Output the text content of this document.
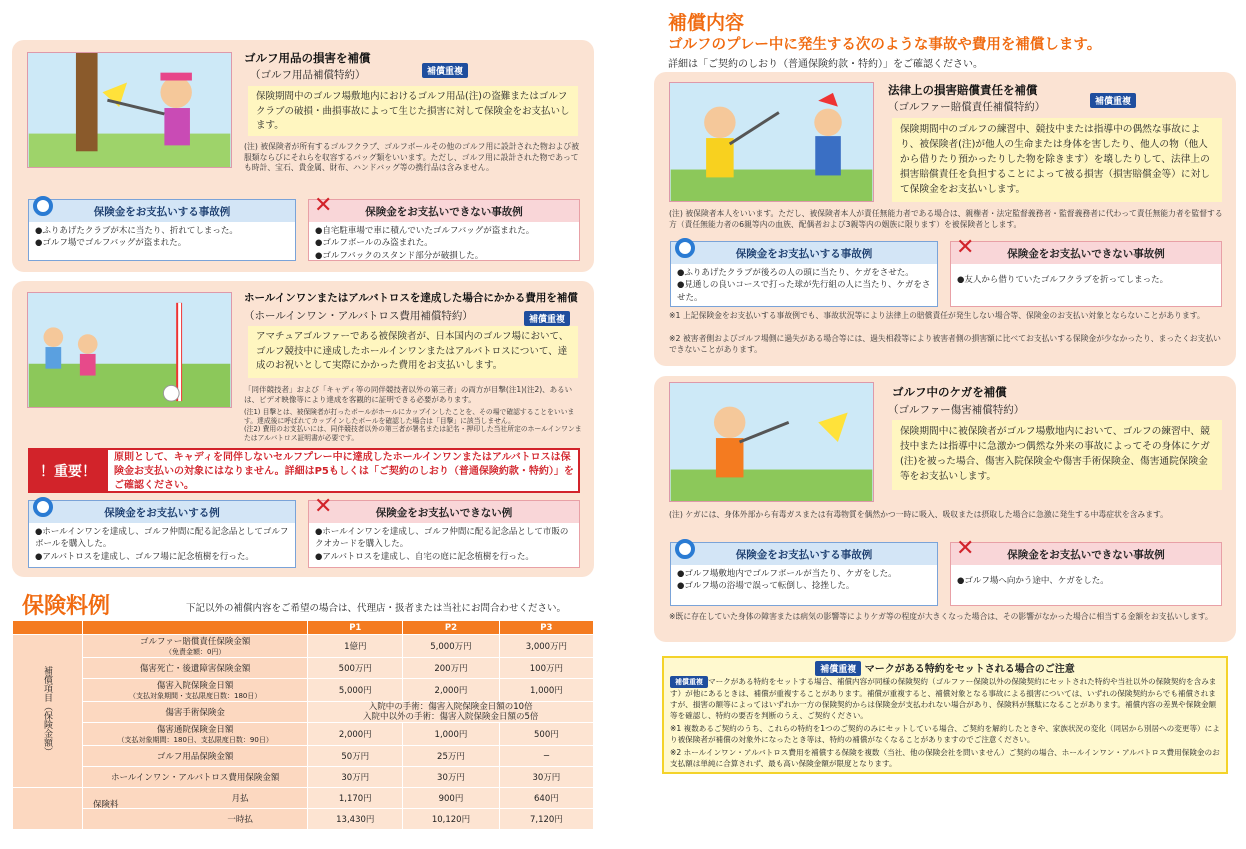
ゴルフ用品の損害を補償
（ゴルフ用品補償特約）	補償重複
保険期間中のゴルフ場敷地内におけるゴルフ用品(注)の盗難またはゴルフクラブの破損・曲損事故によって生じた損害に対して保険金をお支払いします。
(注) 被保険者が所有するゴルフクラブ、ゴルフボールその他のゴルフ用に設計された物および被服類ならびにそれらを収容するバッグ類をいいます。ただし、ゴルフ用に設計された物であっても時計、宝石、貴金属、財布、ハンドバッグ等の携行品は含みません。
保険金をお支払いする事故例
●ふりあげたクラブが木に当たり、折れてしまった。
●ゴルフ場でゴルフバッグが盗まれた。
✕	保険金をお支払いできない事故例
●自宅駐車場で車に積んでいたゴルフバッグが盗まれた。
●ゴルフボールのみ盗まれた。
●ゴルフバックのスタンド部分が破損した。
ホールインワンまたはアルバトロスを達成した場合にかかる費用を補償
（ホールインワン・アルバトロス費用補償特約）	補償重複
アマチュアゴルファーである被保険者が、日本国内のゴルフ場において、ゴルフ競技中に達成したホールインワンまたはアルバトロスについて、達成のお祝いとして実際にかかった費用をお支払いします。
「同伴競技者」および「キャディ等の同伴競技者以外の第三者」の両方が目撃(注1)(注2)、あるいは、ビデオ映像等により達成を客観的に証明できる必要があります。
(注1) 目撃とは、被保険者が打ったボールがホールにカップインしたことを、その場で確認することをいいます。達成後に呼ばれてカップインしたボールを確認した場合は「目撃」に該当しません。
(注2) 費用のお支払いには、同伴競技者以外の第三者が署名または記名・押印した当社所定のホールインワンまたはアルバトロス証明書が必要です。
！重要！
原則として、キャディを同伴しないセルフプレー中に達成したホールインワンまたはアルバトロスは保険金お支払いの対象にはなりません。詳細はP5もしくは「ご契約のしおり（普通保険約款・特約）」をご確認ください。
保険金をお支払いする例
●ホールインワンを達成し、ゴルフ仲間に配る記念品としてゴルフボールを購入した。
●アルバトロスを達成し、ゴルフ場に記念植樹を行った。
✕	保険金をお支払いできない例
●ホールインワンを達成し、ゴルフ仲間に配る記念品として市販のクオカードを購入した。
●アルバトロスを達成し、自宅の庭に記念植樹を行った。
保険料例	下記以外の補償内容をご希望の場合は、代理店・扱者または当社にお問合わせください。
		P1	P2	P3
補償項目（保険金額）	ゴルファー賠償責任保険金額
（免責金額：0円）	1億円	5,000万円	3,000万円
	傷害死亡・後遺障害保険金額	500万円	200万円	100万円

	傷害入院保険金日額
（支払対象期間・支払限度日数：180日）	5,000円	2,000円	1,000円
	傷害手術保険金	入院中の手術：傷害入院保険金日額の10倍
入院中以外の手術：傷害入院保険金日額の5倍		

	傷害通院保険金日額
（支払対象期間：180日、支払限度日数：90日）	2,000円	1,000円	500円
	ゴルフ用品保険金額	50万円	25万円	−
	ホールインワン・アルバトロス費用保険金額	30万円	30万円	30万円

	保険料
月払	1,170円	900円	640円
	一時払	13,430円	10,120円	7,120円
補償内容
ゴルフのプレー中に発生する次のような事故や費用を補償します。
詳細は「ご契約のしおり（普通保険約款・特約）」をご確認ください。
法律上の損害賠償責任を補償
（ゴルファー賠償責任補償特約）	補償重複
保険期間中のゴルフの練習中、競技中または指導中の偶然な事故により、被保険者(注)が他人の生命または身体を害したり、他人の物（他人から借りたり預かったりした物を除きます）を壊したりして、法律上の損害賠償責任を負担することによって被る損害（損害賠償金等）に対して保険金をお支払いします。
(注) 被保険者本人をいいます。ただし、被保険者本人が責任無能力者である場合は、親権者・法定監督義務者・監督義務者に代わって責任無能力者を監督する方（責任無能力者の6親等内の血族、配偶者および3親等内の姻族に限ります）を被保険者とします。
保険金をお支払いする事故例
●ふりあげたクラブが後ろの人の頭に当たり、ケガをさせた。
●見通しの良いコースで打った球が先行組の人に当たり、ケガをさせた。
✕	保険金をお支払いできない事故例
●友人から借りていたゴルフクラブを折ってしまった。
※1 上記保険金をお支払いする事故例でも、事故状況等により法律上の賠償責任が発生しない場合等、保険金のお支払い対象とならないことがあります。
※2 被害者側およびゴルフ場側に過失がある場合等には、過失相殺等により被害者側の損害額に比べてお支払いする保険金が少なかったり、まったくお支払いできないことがあります。
ゴルフ中のケガを補償
（ゴルファー傷害補償特約）
保険期間中に被保険者がゴルフ場敷地内において、ゴルフの練習中、競技中または指導中に急激かつ偶然な外来の事故によってその身体にケガ(注)を被った場合、傷害入院保険金や傷害手術保険金、傷害通院保険金等をお支払いします。
(注) ケガには、身体外部から有毒ガスまたは有毒物質を偶然かつ一時に吸入、吸収または摂取した場合に急激に発生する中毒症状を含みます。
保険金をお支払いする事故例
●ゴルフ場敷地内でゴルフボールが当たり、ケガをした。
●ゴルフ場の浴場で誤って転倒し、捻挫した。
✕	保険金をお支払いできない事故例
●ゴルフ場へ向かう途中、ケガをした。
※既に存在していた身体の障害または病気の影響等によりケガ等の程度が大きくなった場合は、その影響がなかった場合に相当する金額をお支払いします。
補償重複 マークがある特約をセットされる場合のご注意
補償重複 マークがある特約をセットする場合、補償内容が同様の保険契約（ゴルファー保険以外の保険契約にセットされた特約や当社以外の保険契約を含みます）が他にあるときは、補償が重複することがあります。補償が重複すると、補償対象となる事故による損害については、いずれの保険契約からでも補償されますが、損害の額等によってはいずれか一方の保険契約からは保険金が支払われない場合があり、保険料が無駄になることがあります。補償内容の差異や保険金額等を確認し、特約の要否を判断のうえ、ご契約ください。
※1 複数あるご契約のうち、これらの特約を1つのご契約のみにセットしている場合、ご契約を解約したときや、家族状況の変化（同居から別居への変更等）により被保険者が補償の対象外になったとき等は、特約の補償がなくなることがありますのでご注意ください。
※2 ホールインワン・アルバトロス費用を補償する保険を複数（当社、他の保険会社を問いません）ご契約の場合、ホールインワン・アルバトロス費用保険金のお支払額は単純に合算されず、最も高い保険金額が限度となります。
